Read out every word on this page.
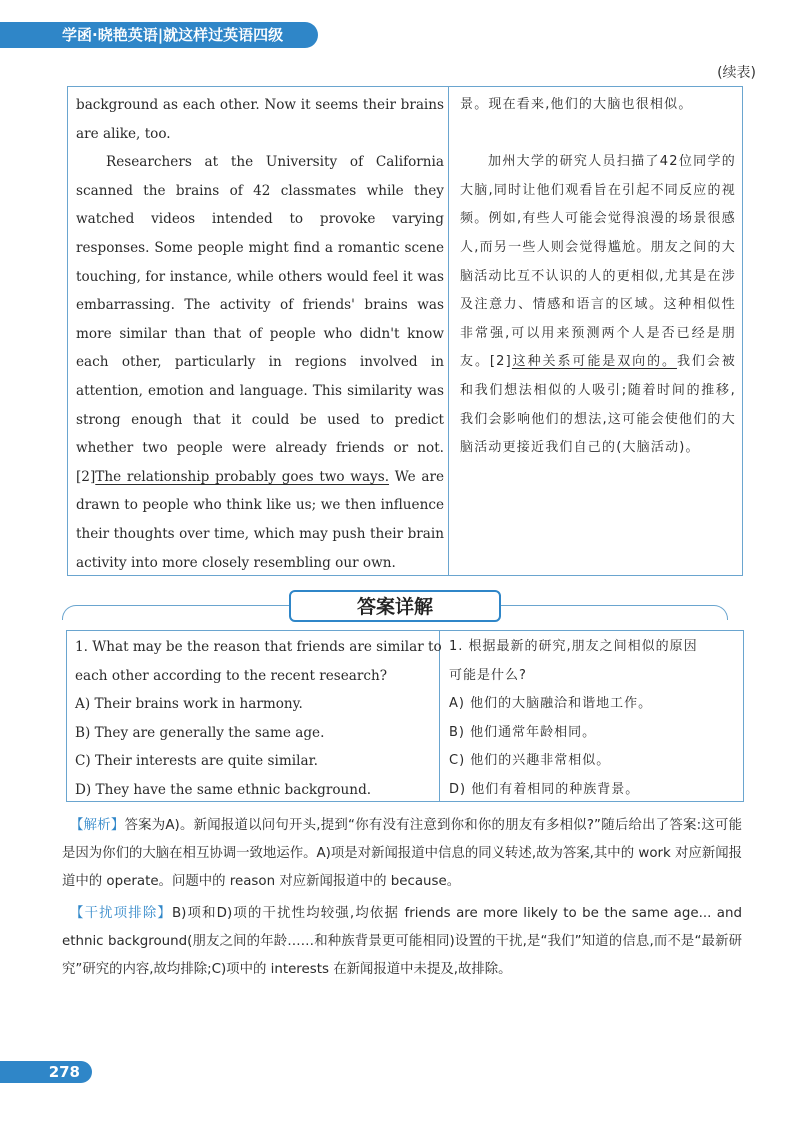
学函·晓艳英语|就这样过英语四级
(续表)

background as each other. Now it seems their brains are alike, too.

Researchers at the University of California scanned the brains of 42 classmates while they watched videos intended to provoke varying responses. Some people might find a romantic scene touching, for instance, while others would feel it was embarrassing. The activity of friends' brains was more similar than that of people who didn't know each other, particularly in regions involved in attention, emotion and language. This similarity was strong enough that it could be used to predict whether two people were already friends or not. [2]The relationship probably goes two ways. We are drawn to people who think like us; we then influence their thoughts over time, which may push their brain activity into more closely resembling our own.

景。现在看来,他们的大脑也很相似。

加州大学的研究人员扫描了42位同学的大脑,同时让他们观看旨在引起不同反应的视频。例如,有些人可能会觉得浪漫的场景很感人,而另一些人则会觉得尴尬。朋友之间的大脑活动比互不认识的人的更相似,尤其是在涉及注意力、情感和语言的区域。这种相似性非常强,可以用来预测两个人是否已经是朋友。[2]这种关系可能是双向的。我们会被和我们想法相似的人吸引;随着时间的推移,我们会影响他们的想法,这可能会使他们的大脑活动更接近我们自己的(大脑活动)。

答案详解
1. What may be the reason that friends are similar to
each other according to the recent research?
A) Their brains work in harmony.
B) They are generally the same age.
C) Their interests are quite similar.
D) They have the same ethnic background.
1. 根据最新的研究,朋友之间相似的原因
可能是什么?
A) 他们的大脑融洽和谐地工作。
B) 他们通常年龄相同。
C) 他们的兴趣非常相似。
D) 他们有着相同的种族背景。

【解析】答案为A)。新闻报道以问句开头,提到“你有没有注意到你和你的朋友有多相似?”随后给出了答案:这可能是因为你们的大脑在相互协调一致地运作。A)项是对新闻报道中信息的同义转述,故为答案,其中的 work 对应新闻报道中的 operate。问题中的 reason 对应新闻报道中的 because。

【干扰项排除】B)项和D)项的干扰性均较强,均依据 friends are more likely to be the same age... and ethnic background(朋友之间的年龄……和种族背景更可能相同)设置的干扰,是“我们”知道的信息,而不是“最新研究”研究的内容,故均排除;C)项中的 interests 在新闻报道中未提及,故排除。

278
